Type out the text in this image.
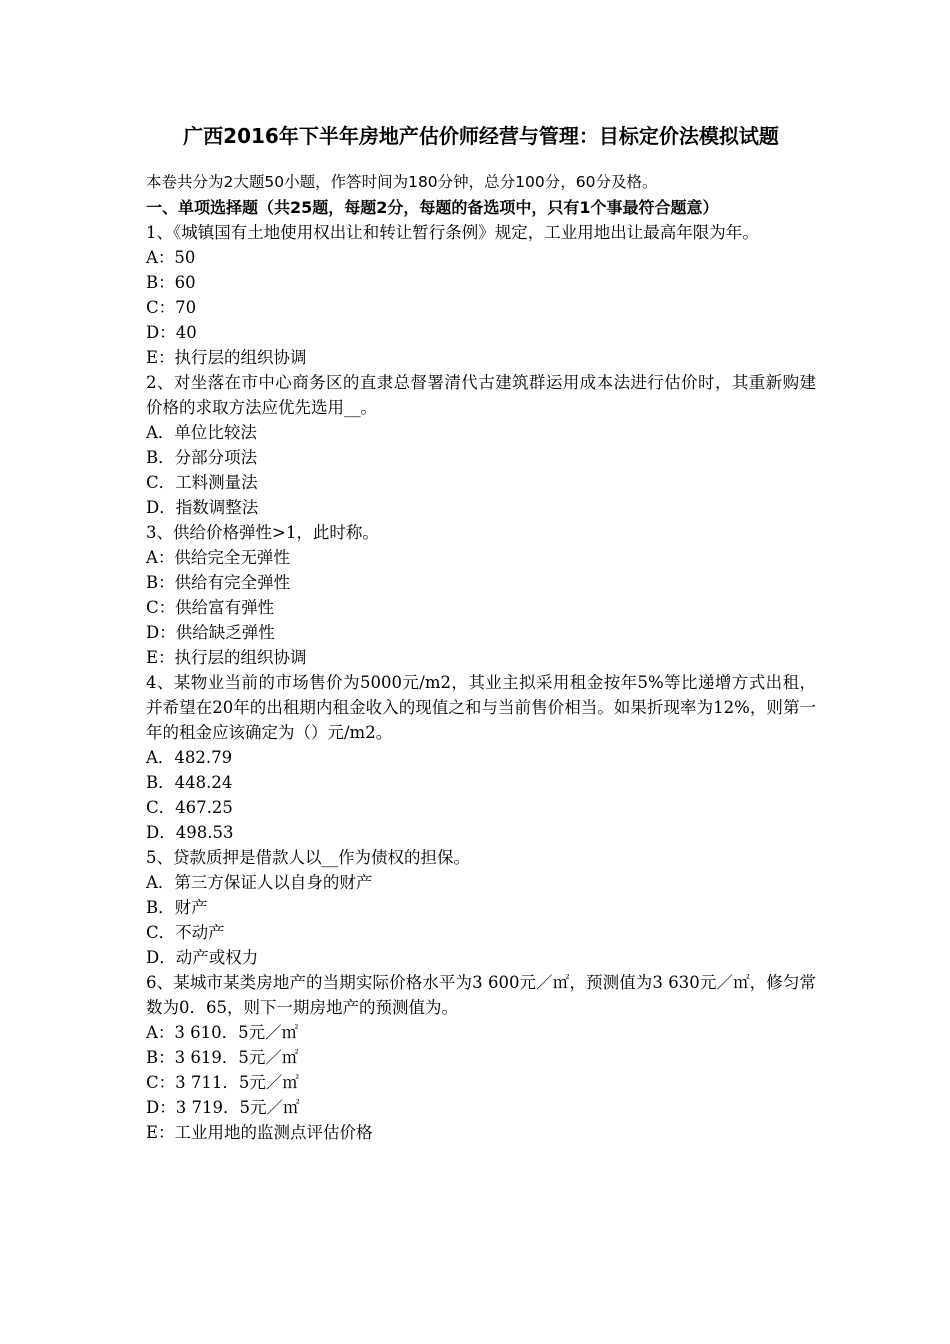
广西2016年下半年房地产估价师经营与管理：目标定价法模拟试题

本卷共分为2大题50小题，作答时间为180分钟，总分100分，60分及格。

一、单项选择题（共25题，每题2分，每题的备选项中，只有1个事最符合题意）

1、《城镇国有土地使用权出让和转让暂行条例》规定，工业用地出让最高年限为年。

A：50

B：60

C：70

D：40

E：执行层的组织协调

2、对坐落在市中心商务区的直隶总督署清代古建筑群运用成本法进行估价时，其重新购建价格的求取方法应优先选用__。

A．单位比较法

B．分部分项法

C．工料测量法

D．指数调整法

3、供给价格弹性>1，此时称。

A：供给完全无弹性

B：供给有完全弹性

C：供给富有弹性

D：供给缺乏弹性

E：执行层的组织协调

4、某物业当前的市场售价为5000元/m2，其业主拟采用租金按年5%等比递增方式出租，并希望在20年的出租期内租金收入的现值之和与当前售价相当。如果折现率为12%，则第一年的租金应该确定为（）元/m2。

A．482.79

B．448.24

C．467.25

D．498.53

5、贷款质押是借款人以__作为债权的担保。

A．第三方保证人以自身的财产

B．财产

C．不动产

D．动产或权力

6、某城市某类房地产的当期实际价格水平为3 600元／㎡，预测值为3 630元／㎡，修匀常数为0．65，则下一期房地产的预测值为。

A：3 610．5元／㎡

B：3 619．5元／㎡

C：3 711．5元／㎡

D：3 719．5元／㎡

E：工业用地的监测点评估价格
